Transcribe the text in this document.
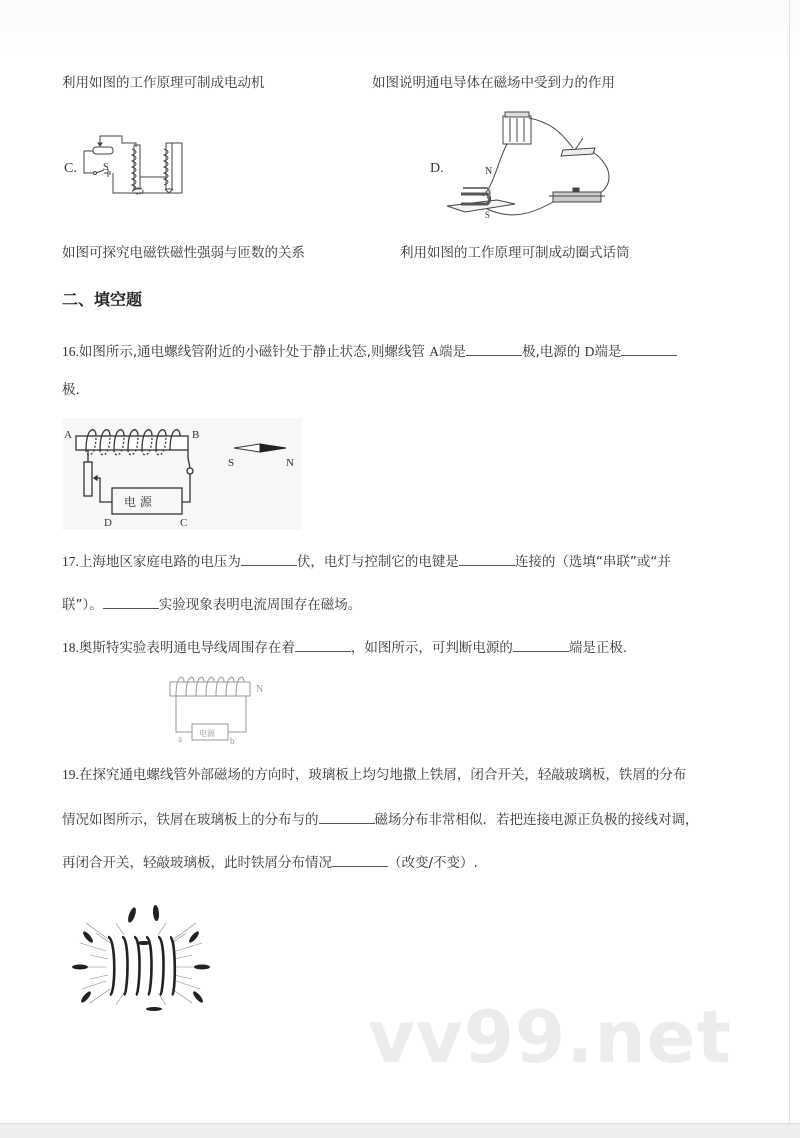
利用如图的工作原理可制成电动机	如图说明通电导体在磁场中受到力的作用
C.	S
如图可探究电磁铁磁性强弱与匝数的关系
D.	N
S
利用如图的工作原理可制成动圈式话筒
二、填空题
16.如图所示,通电螺线管附近的小磁针处于静止状态,则螺线管 A端是	极,电源的 D端是
极.
电 源
A	B
D	C
S	N
17.上海地区家庭电路的电压为	伏，电灯与控制它的电键是	连接的（选填“串联”或“并
联”）。	实验现象表明电流周围存在磁场。
18.奥斯特实验表明通电导线周围存在着	，如图所示，可判断电源的	端是正极.
电源
N
a	b
19.在探究通电螺线管外部磁场的方向时，玻璃板上均匀地撒上铁屑，闭合开关，轻敲玻璃板，铁屑的分布
情况如图所示，铁屑在玻璃板上的分布与的	磁场分布非常相似．若把连接电源正负极的接线对调，
再闭合开关，轻敲玻璃板，此时铁屑分布情况	（改变/不变）.
vv99.net
